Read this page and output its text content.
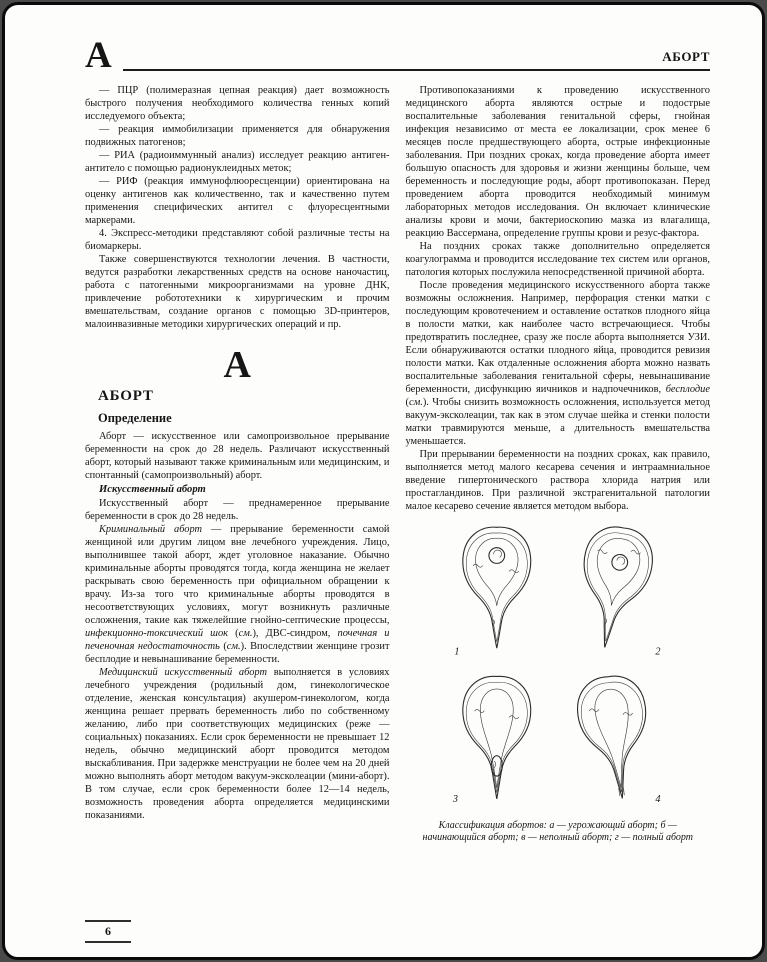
А	АБОРТ

— ПЦР (полимеразная цепная реакция) дает возможность быстрого получения необходимого количества генных копий исследуемого объекта;

— реакция иммобилизации применяется для обнаружения подвижных патогенов;

— РИА (радиоиммунный анализ) исследует реакцию антиген-антитело с помощью радионуклеидных меток;

— РИФ (реакция иммунофлюоресценции) ориентирована на оценку антигенов как количественно, так и качественно путем применения специфических антител с флуоресцентными маркерами.

4. Экспресс-методики представляют собой различные тесты на биомаркеры.

Также совершенствуются технологии лечения. В частности, ведутся разработки лекарственных средств на основе наночастиц, работа с патогенными микроорганизмами на уровне ДНК, привлечение робототехники к хирургическим и прочим вмешательствам, создание органов с помощью 3D-принтеров, малоинвазивные методики хирургических операций и пр.

А
АБОРТ
Определение

Аборт — искусственное или самопроизвольное прерывание беременности на срок до 28 недель. Различают искусственный аборт, который называют также криминальным или медицинским, и спонтанный (самопроизвольный) аборт.

Искусственный аборт

Искусственный аборт — преднамеренное прерывание беременности в срок до 28 недель.

Криминальный аборт — прерывание беременности самой женщиной или другим лицом вне лечебного учреждения. Лицо, выполнившее такой аборт, ждет уголовное наказание. Обычно криминальные аборты проводятся тогда, когда женщина не желает раскрывать свою беременность при официальном обращении к врачу. Из-за того что криминальные аборты проводятся в несоответствующих условиях, могут возникнуть различные осложнения, такие как тяжелейшие гнойно-септические процессы, инфекционно-токсический шок (см.), ДВС-синдром, почечная и печеночная недостаточность (см.). Впоследствии женщине грозит бесплодие и невынашивание беременности.

Медицинский искусственный аборт выполняется в условиях лечебного учреждения (родильный дом, гинекологическое отделение, женская консультация) акушером-гинекологом, когда женщина решает прервать беременность либо по собственному желанию, либо при соответствующих медицинских (реже — социальных) показаниях. Если срок беременности не превышает 12 недель, обычно медицинский аборт проводится методом выскабливания. При задержке менструации не более чем на 20 дней можно выполнять аборт методом вакуум-эксколеации (мини-аборт). В том случае, если срок беременности более 12—14 недель, возможность проведения аборта определяется медицинскими показаниями.

Противопоказаниями к проведению искусственного медицинского аборта являются острые и подострые воспалительные заболевания генитальной сферы, гнойная инфекция независимо от места ее локализации, срок менее 6 месяцев после предшествующего аборта, острые инфекционные заболевания. При поздних сроках, когда проведение аборта имеет большую опасность для здоровья и жизни женщины больше, чем беременность и последующие роды, аборт противопоказан. Перед проведением аборта проводится необходимый минимум лабораторных методов исследования. Он включает клинические анализы крови и мочи, бактериоскопию мазка из влагалища, реакцию Вассермана, определение группы крови и резус-фактора.

На поздних сроках также дополнительно определяется коагулограмма и проводится исследование тех систем или органов, патология которых послужила непосредственной причиной аборта.

После проведения медицинского искусственного аборта также возможны осложнения. Например, перфорация стенки матки с последующим кровотечением и оставление остатков плодного яйца в полости матки, как наиболее часто встречающиеся. Чтобы предотвратить последнее, сразу же после аборта выполняется УЗИ. Если обнаруживаются остатки плодного яйца, проводится ревизия полости матки. Как отдаленные осложнения аборта можно назвать воспалительные заболевания генитальной сферы, невынашивание беременности, дисфункцию яичников и надпочечников, бесплодие (см.). Чтобы снизить возможность осложнения, используется метод вакуум-эксколеации, так как в этом случае шейка и стенки полости матки травмируются меньше, а длительность вмешательства уменьшается.

При прерывании беременности на поздних сроках, как правило, выполняется метод малого кесарева сечения и интраамниальное введение гипертонического раствора хлорида натрия или простагландинов. При различной экстрагенитальной патологии малое кесарево сечение является методом выбора.

1	2
3	4
Классификация абортов: а — угрожающий аборт; б — начинающийся аборт; в — неполный аборт; г — полный аборт
6
